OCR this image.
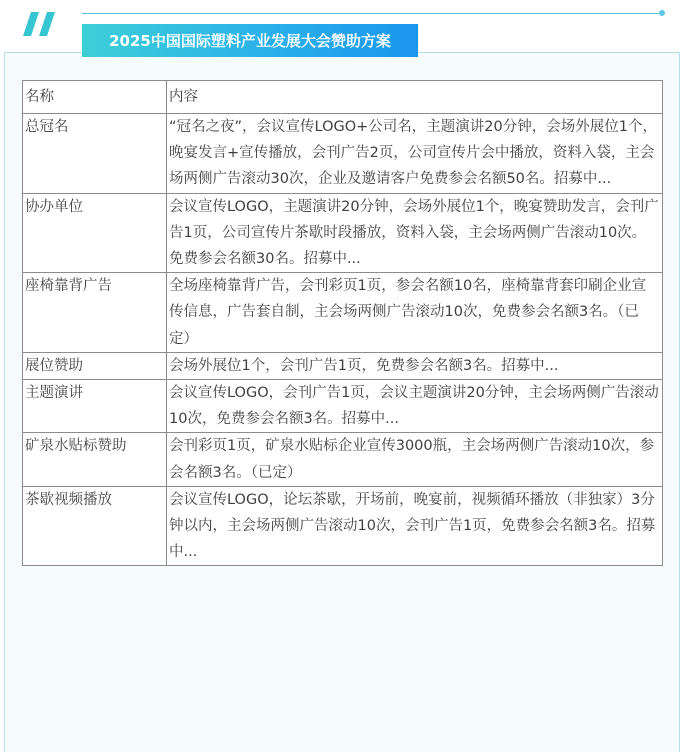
2025中国国际塑料产业发展大会赞助方案
名称	内容
总冠名	“冠名之夜”，会议宣传LOGO+公司名，主题演讲20分钟，会场外展位1个，晚宴发言+宣传播放，会刊广告2页，公司宣传片会中播放，资料入袋，主会场两侧广告滚动30次，企业及邀请客户免费参会名额50名。招募中...
协办单位	会议宣传LOGO，主题演讲20分钟，会场外展位1个，晚宴赞助发言，会刊广告1页，公司宣传片茶歇时段播放，资料入袋，主会场两侧广告滚动10次。免费参会名额30名。招募中...
座椅靠背广告	全场座椅靠背广告，会刊彩页1页，参会名额10名，座椅靠背套印刷企业宣传信息，广告套自制，主会场两侧广告滚动10次，免费参会名额3名。（已定）
展位赞助	会场外展位1个，会刊广告1页，免费参会名额3名。招募中...
主题演讲	会议宣传LOGO，会刊广告1页，会议主题演讲20分钟，主会场两侧广告滚动10次，免费参会名额3名。招募中...
矿泉水贴标赞助	会刊彩页1页，矿泉水贴标企业宣传3000瓶，主会场两侧广告滚动10次，参会名额3名。（已定）
茶歇视频播放	会议宣传LOGO，论坛茶歇，开场前，晚宴前，视频循环播放（非独家）3分钟以内，主会场两侧广告滚动10次，会刊广告1页，免费参会名额3名。招募中...
